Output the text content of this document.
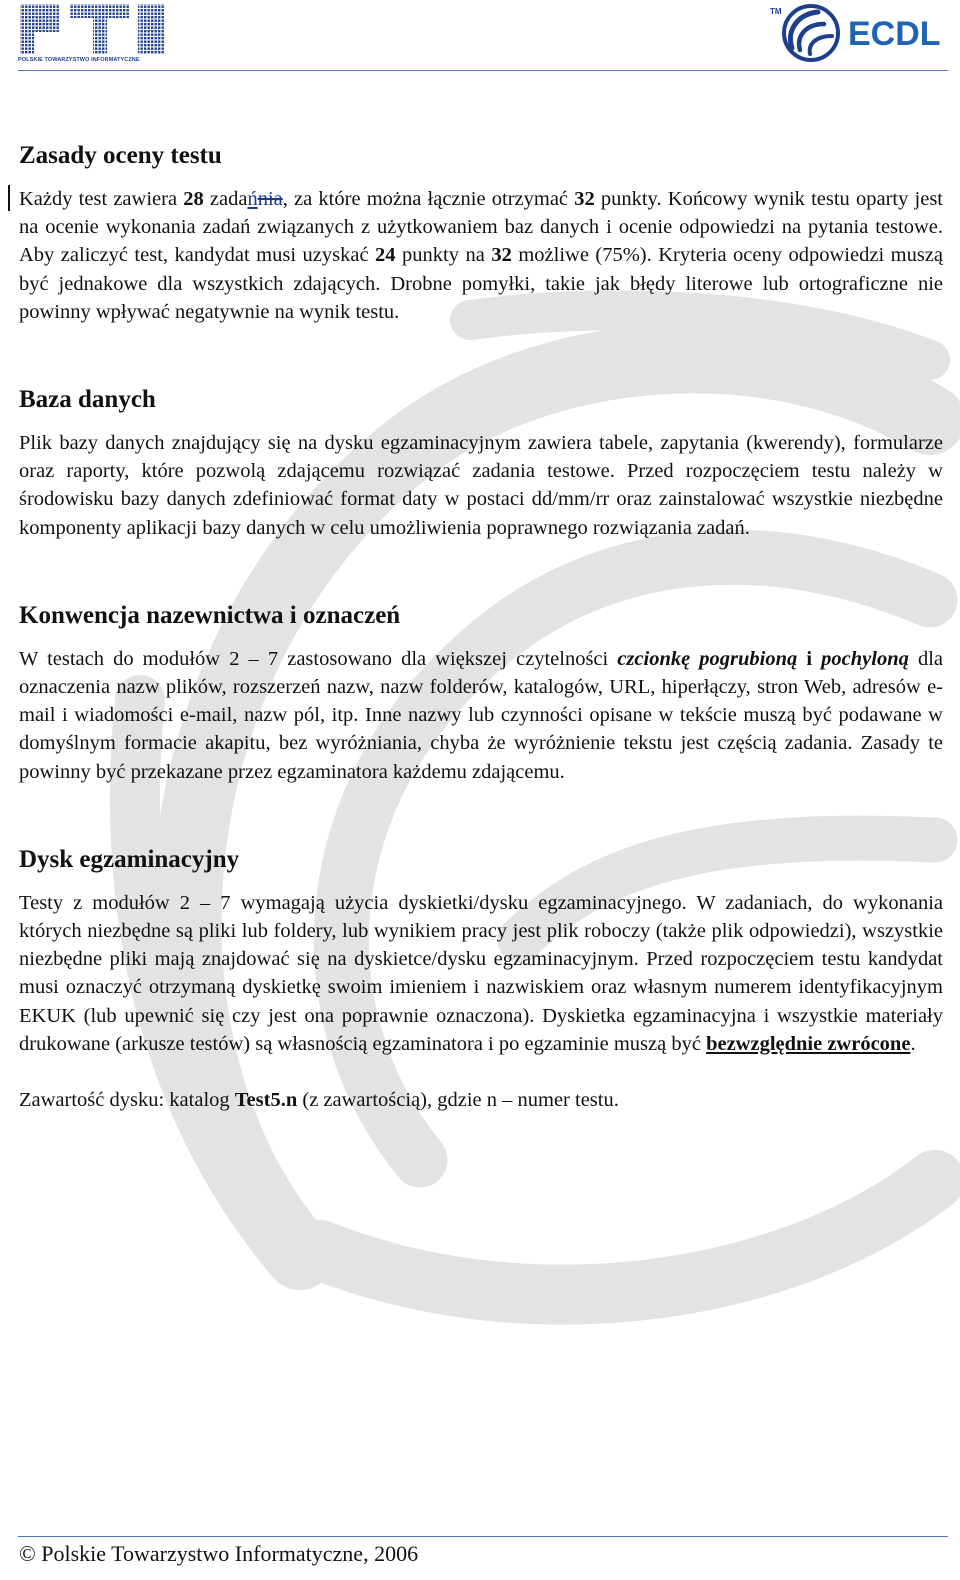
POLSKIE TOWARZYSTWO INFORMATYCZNE
TM
ECDL
Zasady oceny testu

Każdy test zawiera 28 zadańnia, za które można łącznie otrzymać 32 punkty. Końcowy wynik testu oparty jest na ocenie wykonania zadań związanych z użytkowaniem baz danych i ocenie odpowiedzi na pytania testowe. Aby zaliczyć test, kandydat musi uzyskać 24 punkty na 32 możliwe (75%). Kryteria oceny odpowiedzi muszą być jednakowe dla wszystkich zdających. Drobne pomyłki, takie jak błędy literowe lub ortograficzne nie powinny wpływać negatywnie na wynik testu.

Baza danych

Plik bazy danych znajdujący się na dysku egzaminacyjnym zawiera tabele, zapytania (kwerendy), formularze oraz raporty, które pozwolą zdającemu rozwiązać zadania testowe. Przed rozpoczęciem testu należy w środowisku bazy danych zdefiniować format daty w postaci dd/mm/rr oraz zainstalować wszystkie niezbędne komponenty aplikacji bazy danych w celu umożliwienia poprawnego rozwiązania zadań.

Konwencja nazewnictwa i oznaczeń

W testach do modułów 2 – 7 zastosowano dla większej czytelności czcionkę pogrubioną i pochyloną dla oznaczenia nazw plików, rozszerzeń nazw, nazw folderów, katalogów, URL, hiperłączy, stron Web, adresów e-mail i wiadomości e-mail, nazw pól, itp. Inne nazwy lub czynności opisane w tekście muszą być podawane w domyślnym formacie akapitu, bez wyróżniania, chyba że wyróżnienie tekstu jest częścią zadania. Zasady te powinny być przekazane przez egzaminatora każdemu zdającemu.

Dysk egzaminacyjny

Testy z modułów 2 – 7 wymagają użycia dyskietki/dysku egzaminacyjnego. W zadaniach, do wykonania których niezbędne są pliki lub foldery, lub wynikiem pracy jest plik roboczy (także plik odpowiedzi), wszystkie niezbędne pliki mają znajdować się na dyskietce/dysku egzaminacyjnym. Przed rozpoczęciem testu kandydat musi oznaczyć otrzymaną dyskietkę swoim imieniem i nazwiskiem oraz własnym numerem identyfikacyjnym EKUK (lub upewnić się czy jest ona poprawnie oznaczona). Dyskietka egzaminacyjna i wszystkie materiały drukowane (arkusze testów) są własnością egzaminatora i po egzaminie muszą być bezwzględnie zwrócone.

Zawartość dysku: katalog Test5.n (z zawartością), gdzie n – numer testu.

© Polskie Towarzystwo Informatyczne, 2006
